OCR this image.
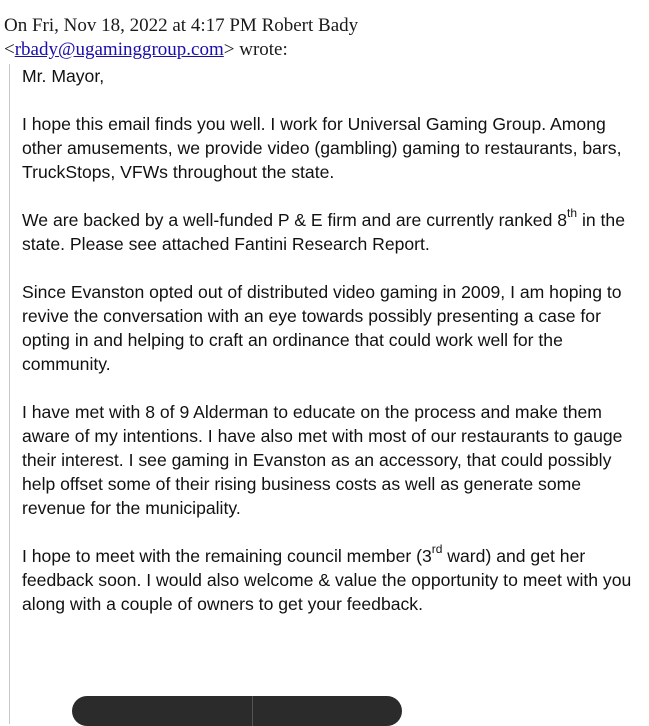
On Fri, Nov 18, 2022 at 4:17 PM Robert Bady
<rbady@ugaminggroup.com> wrote:

Mr. Mayor,

I hope this email finds you well. I work for Universal Gaming Group. Among other amusements, we provide video (gambling) gaming to restaurants, bars, TruckStops, VFWs throughout the state.

We are backed by a well-funded P & E firm and are currently ranked 8th in the state. Please see attached Fantini Research Report.

Since Evanston opted out of distributed video gaming in 2009, I am hoping to revive the conversation with an eye towards possibly presenting a case for opting in and helping to craft an ordinance that could work well for the community.

I have met with 8 of 9 Alderman to educate on the process and make them aware of my intentions. I have also met with most of our restaurants to gauge their interest. I see gaming in Evanston as an accessory, that could possibly help offset some of their rising business costs as well as generate some revenue for the municipality.

I hope to meet with the remaining council member (3rd ward) and get her feedback soon. I would also welcome & value the opportunity to meet with you along with a couple of owners to get your feedback.
